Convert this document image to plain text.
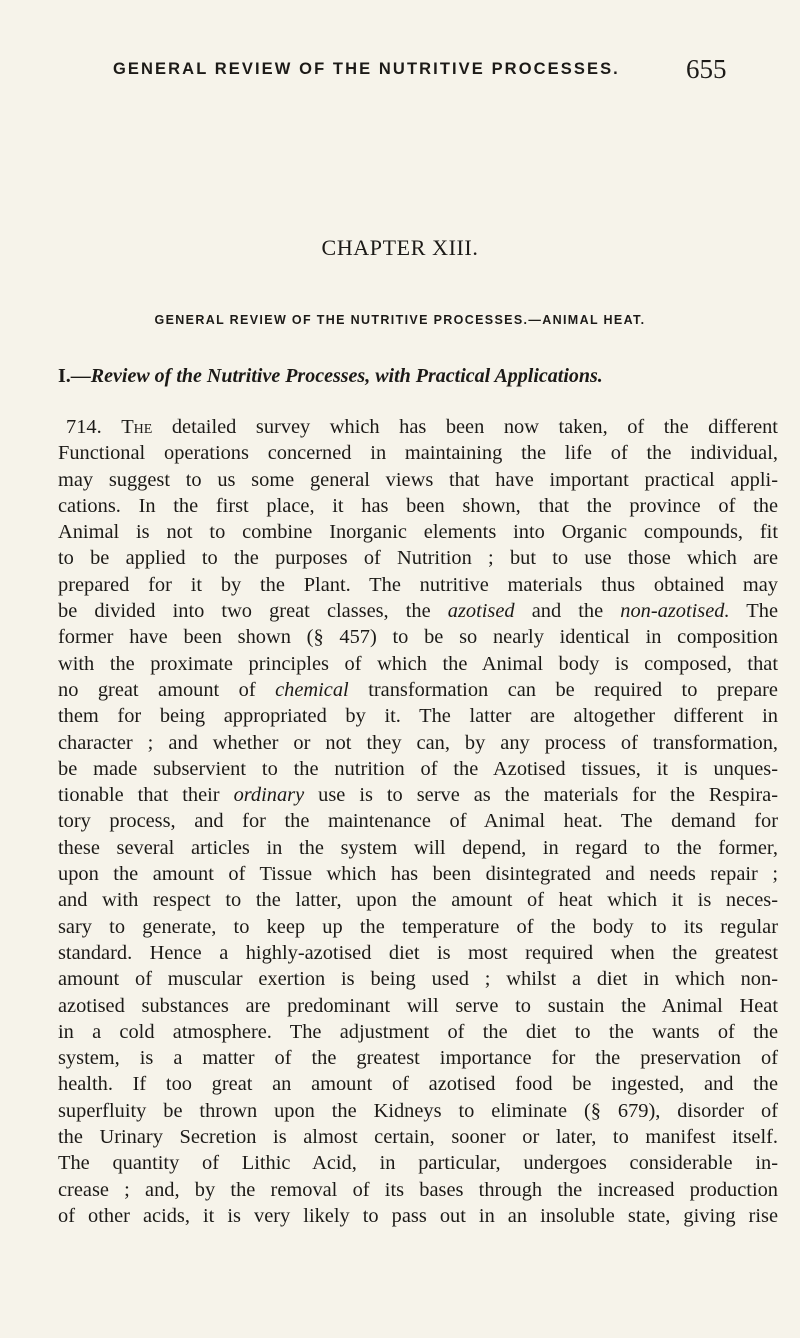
GENERAL REVIEW OF THE NUTRITIVE PROCESSES. 655
CHAPTER XIII.
GENERAL REVIEW OF THE NUTRITIVE PROCESSES.—ANIMAL HEAT.
I.—Review of the Nutritive Processes, with Practical Applications.
714. The detailed survey which has been now taken, of the different
Functional operations concerned in maintaining the life of the individual,
may suggest to us some general views that have important practical appli-
cations. In the first place, it has been shown, that the province of the
Animal is not to combine Inorganic elements into Organic compounds, fit
to be applied to the purposes of Nutrition ; but to use those which are
prepared for it by the Plant. The nutritive materials thus obtained may
be divided into two great classes, the azotised and the non-azotised. The
former have been shown (§ 457) to be so nearly identical in composition
with the proximate principles of which the Animal body is composed, that
no great amount of chemical transformation can be required to prepare
them for being appropriated by it. The latter are altogether different in
character ; and whether or not they can, by any process of transformation,
be made subservient to the nutrition of the Azotised tissues, it is unques-
tionable that their ordinary use is to serve as the materials for the Respira-
tory process, and for the maintenance of Animal heat. The demand for
these several articles in the system will depend, in regard to the former,
upon the amount of Tissue which has been disintegrated and needs repair ;
and with respect to the latter, upon the amount of heat which it is neces-
sary to generate, to keep up the temperature of the body to its regular
standard. Hence a highly-azotised diet is most required when the greatest
amount of muscular exertion is being used ; whilst a diet in which non-
azotised substances are predominant will serve to sustain the Animal Heat
in a cold atmosphere. The adjustment of the diet to the wants of the
system, is a matter of the greatest importance for the preservation of
health. If too great an amount of azotised food be ingested, and the
superfluity be thrown upon the Kidneys to eliminate (§ 679), disorder of
the Urinary Secretion is almost certain, sooner or later, to manifest itself.
The quantity of Lithic Acid, in particular, undergoes considerable in-
crease ; and, by the removal of its bases through the increased production
of other acids, it is very likely to pass out in an insoluble state, giving rise
